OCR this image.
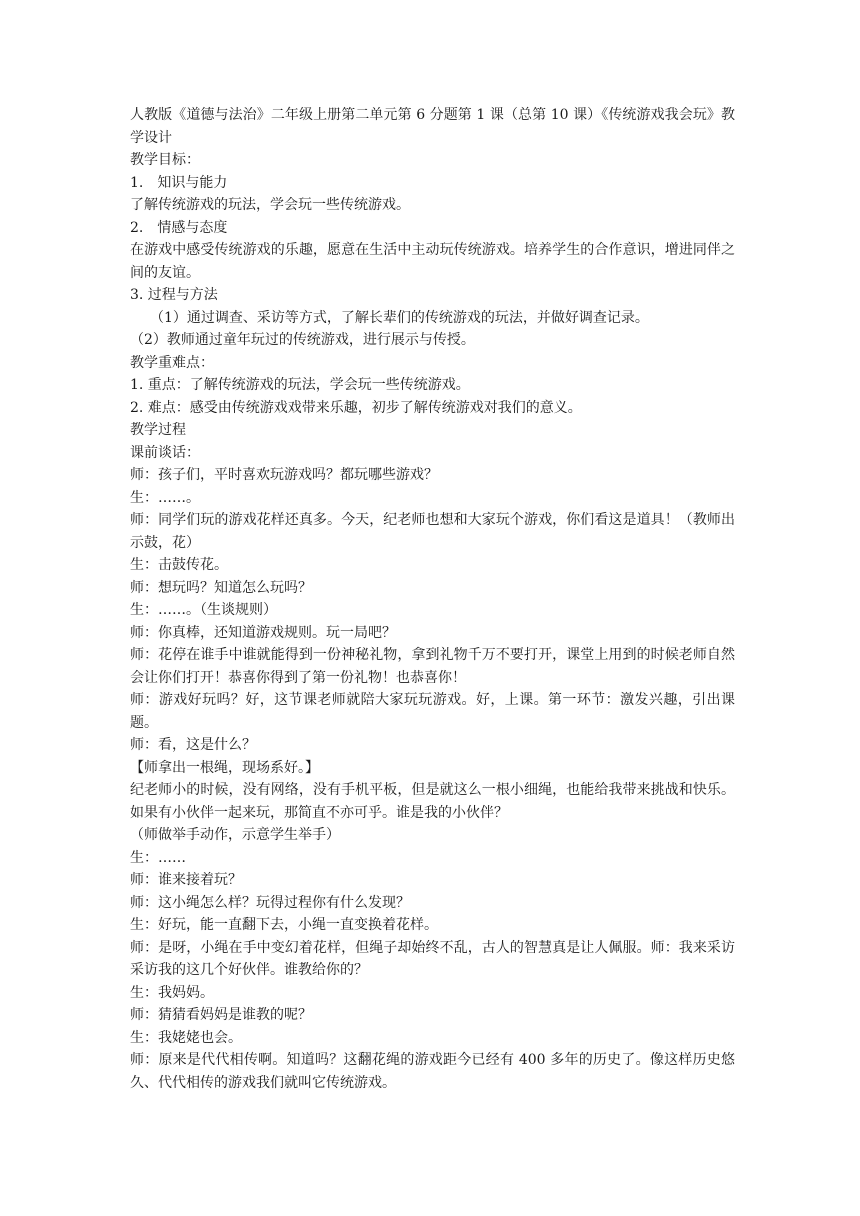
人教版《道德与法治》二年级上册第二单元第 6 分题第 1 课（总第 10 课）《传统游戏我会玩》教学设计
教学目标：
1.　知识与能力
了解传统游戏的玩法，学会玩一些传统游戏。
2.　情感与态度
在游戏中感受传统游戏的乐趣，愿意在生活中主动玩传统游戏。培养学生的合作意识，增进同伴之间的友谊。
3. 过程与方法
（1）通过调查、采访等方式，了解长辈们的传统游戏的玩法，并做好调查记录。
（2）教师通过童年玩过的传统游戏，进行展示与传授。
教学重难点：
1. 重点：了解传统游戏的玩法，学会玩一些传统游戏。
2. 难点：感受由传统游戏戏带来乐趣，初步了解传统游戏对我们的意义。
教学过程
课前谈话：
师：孩子们，平时喜欢玩游戏吗？都玩哪些游戏？
生：……。
师：同学们玩的游戏花样还真多。今天，纪老师也想和大家玩个游戏，你们看这是道具！（教师出示鼓，花）
生：击鼓传花。
师：想玩吗？知道怎么玩吗？
生：……。（生谈规则）
师：你真棒，还知道游戏规则。玩一局吧？
师：花停在谁手中谁就能得到一份神秘礼物，拿到礼物千万不要打开，课堂上用到的时候老师自然会让你们打开！恭喜你得到了第一份礼物！也恭喜你！
师：游戏好玩吗？好，这节课老师就陪大家玩玩游戏。好，上课。第一环节：激发兴趣，引出课题。
师：看，这是什么？
【师拿出一根绳，现场系好。】
纪老师小的时候，没有网络，没有手机平板，但是就这么一根小细绳，也能给我带来挑战和快乐。如果有小伙伴一起来玩，那简直不亦可乎。谁是我的小伙伴？
（师做举手动作，示意学生举手）
生：……
师：谁来接着玩？
师：这小绳怎么样？玩得过程你有什么发现？
生：好玩，能一直翻下去，小绳一直变换着花样。
师：是呀，小绳在手中变幻着花样，但绳子却始终不乱，古人的智慧真是让人佩服。师：我来采访采访我的这几个好伙伴。谁教给你的？
生：我妈妈。
师：猜猜看妈妈是谁教的呢？
生：我姥姥也会。
师：原来是代代相传啊。知道吗？这翻花绳的游戏距今已经有 400 多年的历史了。像这样历史悠久、代代相传的游戏我们就叫它传统游戏。
